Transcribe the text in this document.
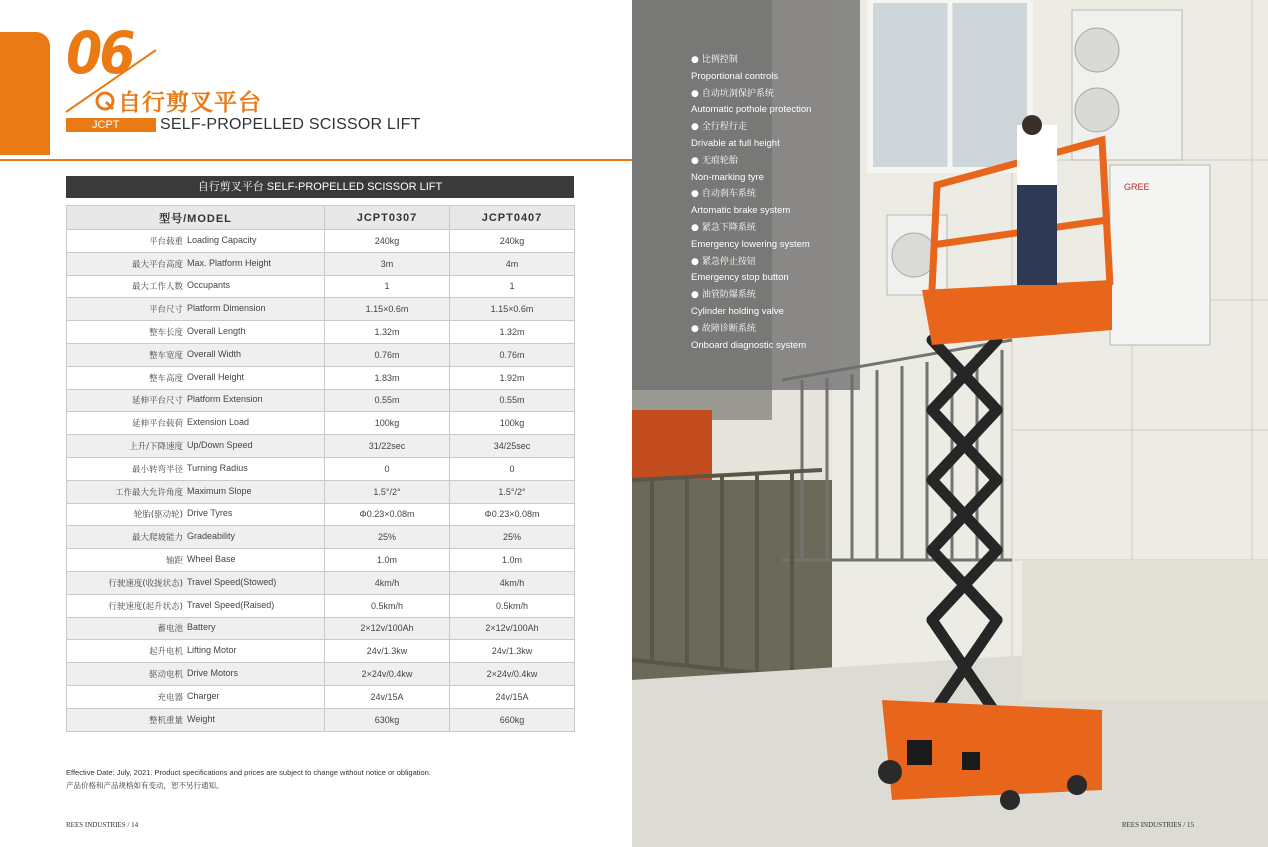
06
自行剪叉平台
JCPT	SELF-PROPELLED SCISSOR LIFT
自行剪叉平台 SELF-PROPELLED SCISSOR LIFT
型号/MODEL	JCPT0307	JCPT0407

平台载重 Loading Capacity	240kg	240kg

最大平台高度 Max. Platform Height	3m	4m

最大工作人数 Occupants	1	1

平台尺寸 Platform Dimension	1.15×0.6m	1.15×0.6m

整车长度 Overall Length	1.32m	1.32m

整车宽度 Overall Width	0.76m	0.76m

整车高度 Overall Height	1.83m	1.92m

延伸平台尺寸 Platform Extension	0.55m	0.55m

延伸平台载荷 Extension Load	100kg	100kg

上升/下降速度 Up/Down Speed	31/22sec	34/25sec

最小转弯半径 Turning Radius	0	0

工作最大允许角度 Maximum Slope	1.5°/2°	1.5°/2°

轮胎(驱动轮) Drive Tyres	Φ0.23×0.08m	Φ0.23×0.08m

最大爬坡能力 Gradeability	25%	25%

轴距 Wheel Base	1.0m	1.0m

行驶速度(收拢状态) Travel Speed(Stowed)	4km/h	4km/h

行驶速度(起升状态) Travel Speed(Raised)	0.5km/h	0.5km/h

蓄电池 Battery	2×12v/100Ah	2×12v/100Ah

起升电机 Lifting Motor	24v/1.3kw	24v/1.3kw

驱动电机 Drive Motors	2×24v/0.4kw	2×24v/0.4kw

充电器 Charger	24v/15A	24v/15A

整机重量 Weight	630kg	660kg
Effective Date: July, 2021. Product specifications and prices are subject to change without notice or obligation.
产品价格和产品规格如有变动，恕不另行通知。
REES INDUSTRIES / 14
GREE
● 比例控制
Proportional controls
● 自动坑洞保护系统
Automatic pothole protection
● 全行程行走
Drivable at full height
● 无痕轮胎
Non-marking tyre
● 自动刹车系统
Artomatic brake system
● 紧急下降系统
Emergency lowering system
● 紧急停止按钮
Emergency stop button
● 油管防爆系统
Cylinder holding valve
● 故障诊断系统
Onboard diagnostic system
REES INDUSTRIES / 15
